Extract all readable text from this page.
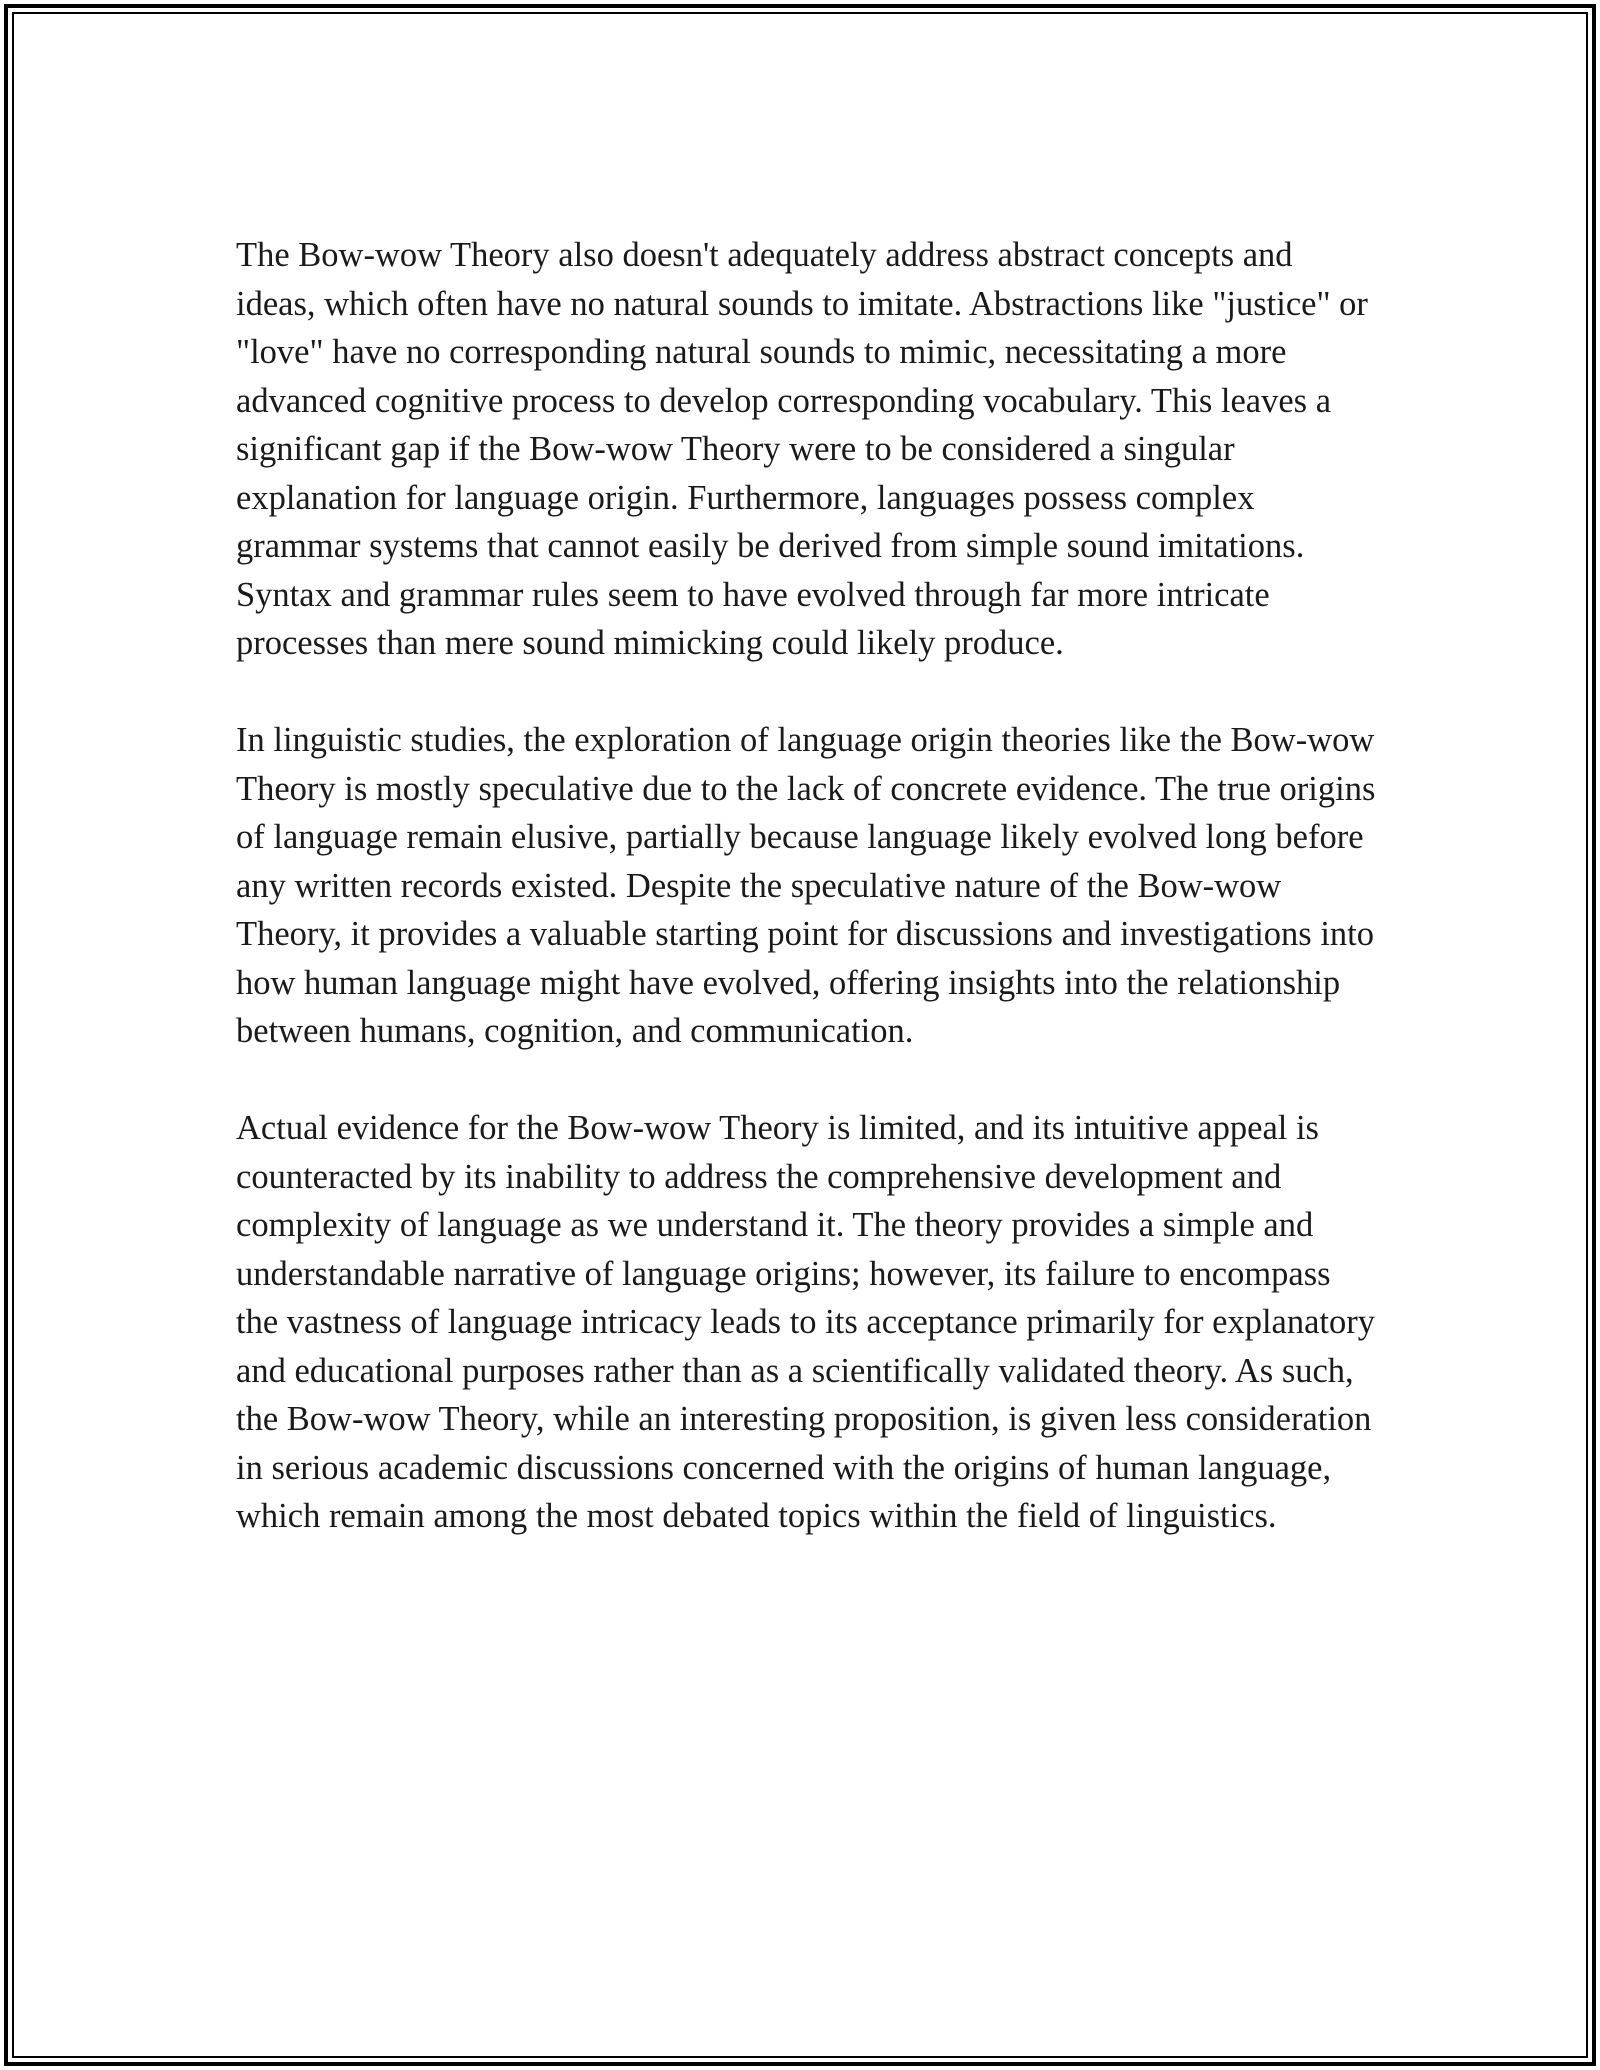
The Bow-wow Theory also doesn't adequately address abstract concepts and ideas, which often have no natural sounds to imitate. Abstractions like "justice" or "love" have no corresponding natural sounds to mimic, necessitating a more advanced cognitive process to develop corresponding vocabulary. This leaves a significant gap if the Bow-wow Theory were to be considered a singular explanation for language origin. Furthermore, languages possess complex grammar systems that cannot easily be derived from simple sound imitations. Syntax and grammar rules seem to have evolved through far more intricate processes than mere sound mimicking could likely produce.

In linguistic studies, the exploration of language origin theories like the Bow-wow Theory is mostly speculative due to the lack of concrete evidence. The true origins of language remain elusive, partially because language likely evolved long before any written records existed. Despite the speculative nature of the Bow-wow Theory, it provides a valuable starting point for discussions and investigations into how human language might have evolved, offering insights into the relationship between humans, cognition, and communication.

Actual evidence for the Bow-wow Theory is limited, and its intuitive appeal is counteracted by its inability to address the comprehensive development and complexity of language as we understand it. The theory provides a simple and understandable narrative of language origins; however, its failure to encompass the vastness of language intricacy leads to its acceptance primarily for explanatory and educational purposes rather than as a scientifically validated theory. As such, the Bow-wow Theory, while an interesting proposition, is given less consideration in serious academic discussions concerned with the origins of human language, which remain among the most debated topics within the field of linguistics.
